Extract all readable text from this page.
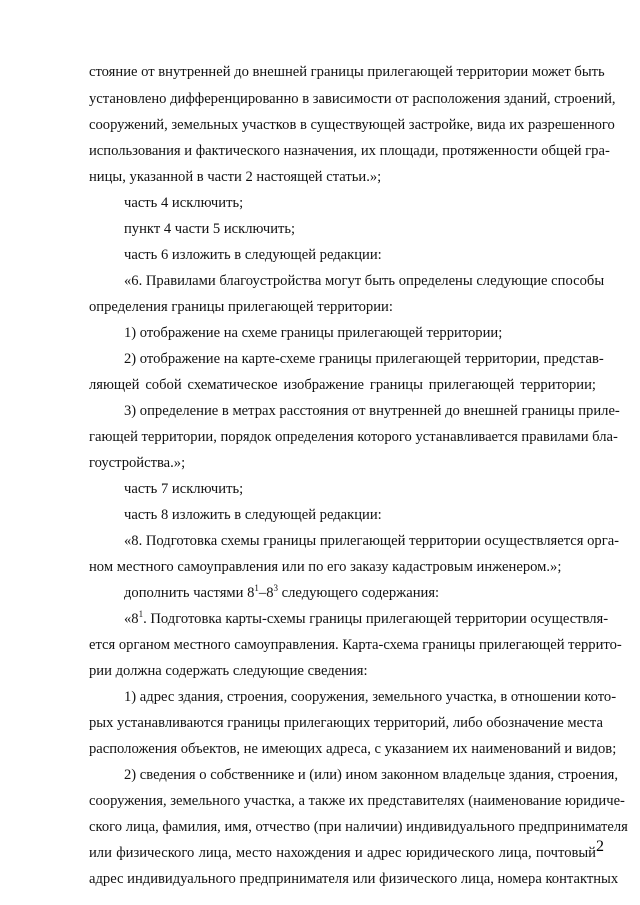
стояние от внутренней до внешней границы прилегающей территории может быть
установлено дифференцированно в зависимости от расположения зданий, строений,
сооружений, земельных участков в существующей застройке, вида их разрешенного
использования и фактического назначения, их площади, протяженности общей гра-
ницы, указанной в части 2 настоящей статьи.»;
часть 4 исключить;
пункт 4 части 5 исключить;
часть 6 изложить в следующей редакции:
«6. Правилами благоустройства могут быть определены следующие способы
определения границы прилегающей территории:
1) отображение на схеме границы прилегающей территории;
2) отображение на карте-схеме границы прилегающей территории, представ-
ляющей собой схематическое изображение границы прилегающей территории;
3) определение в метрах расстояния от внутренней до внешней границы приле-
гающей территории, порядок определения которого устанавливается правилами бла-
гоустройства.»;
часть 7 исключить;
часть 8 изложить в следующей редакции:
«8. Подготовка схемы границы прилегающей территории осуществляется орга-
ном местного самоуправления или по его заказу кадастровым инженером.»;
дополнить частями $8^1-8^3$ следующего содержания:
«$8^1$. Подготовка карты-схемы границы прилегающей территории осуществля-
ется органом местного самоуправления. Карта-схема границы прилегающей террито-
рии должна содержать следующие сведения:
1) адрес здания, строения, сооружения, земельного участка, в отношении кото-
рых устанавливаются границы прилегающих территорий, либо обозначение места
расположения объектов, не имеющих адреса, с указанием их наименований и видов;
2) сведения о собственнике и (или) ином законном владельце здания, строения,
сооружения, земельного участка, а также их представителях (наименование юридиче-
ского лица, фамилия, имя, отчество (при наличии) индивидуального предпринимателя
или физического лица, место нахождения и адрес юридического лица, почтовый
адрес индивидуального предпринимателя или физического лица, номера контактных
2
